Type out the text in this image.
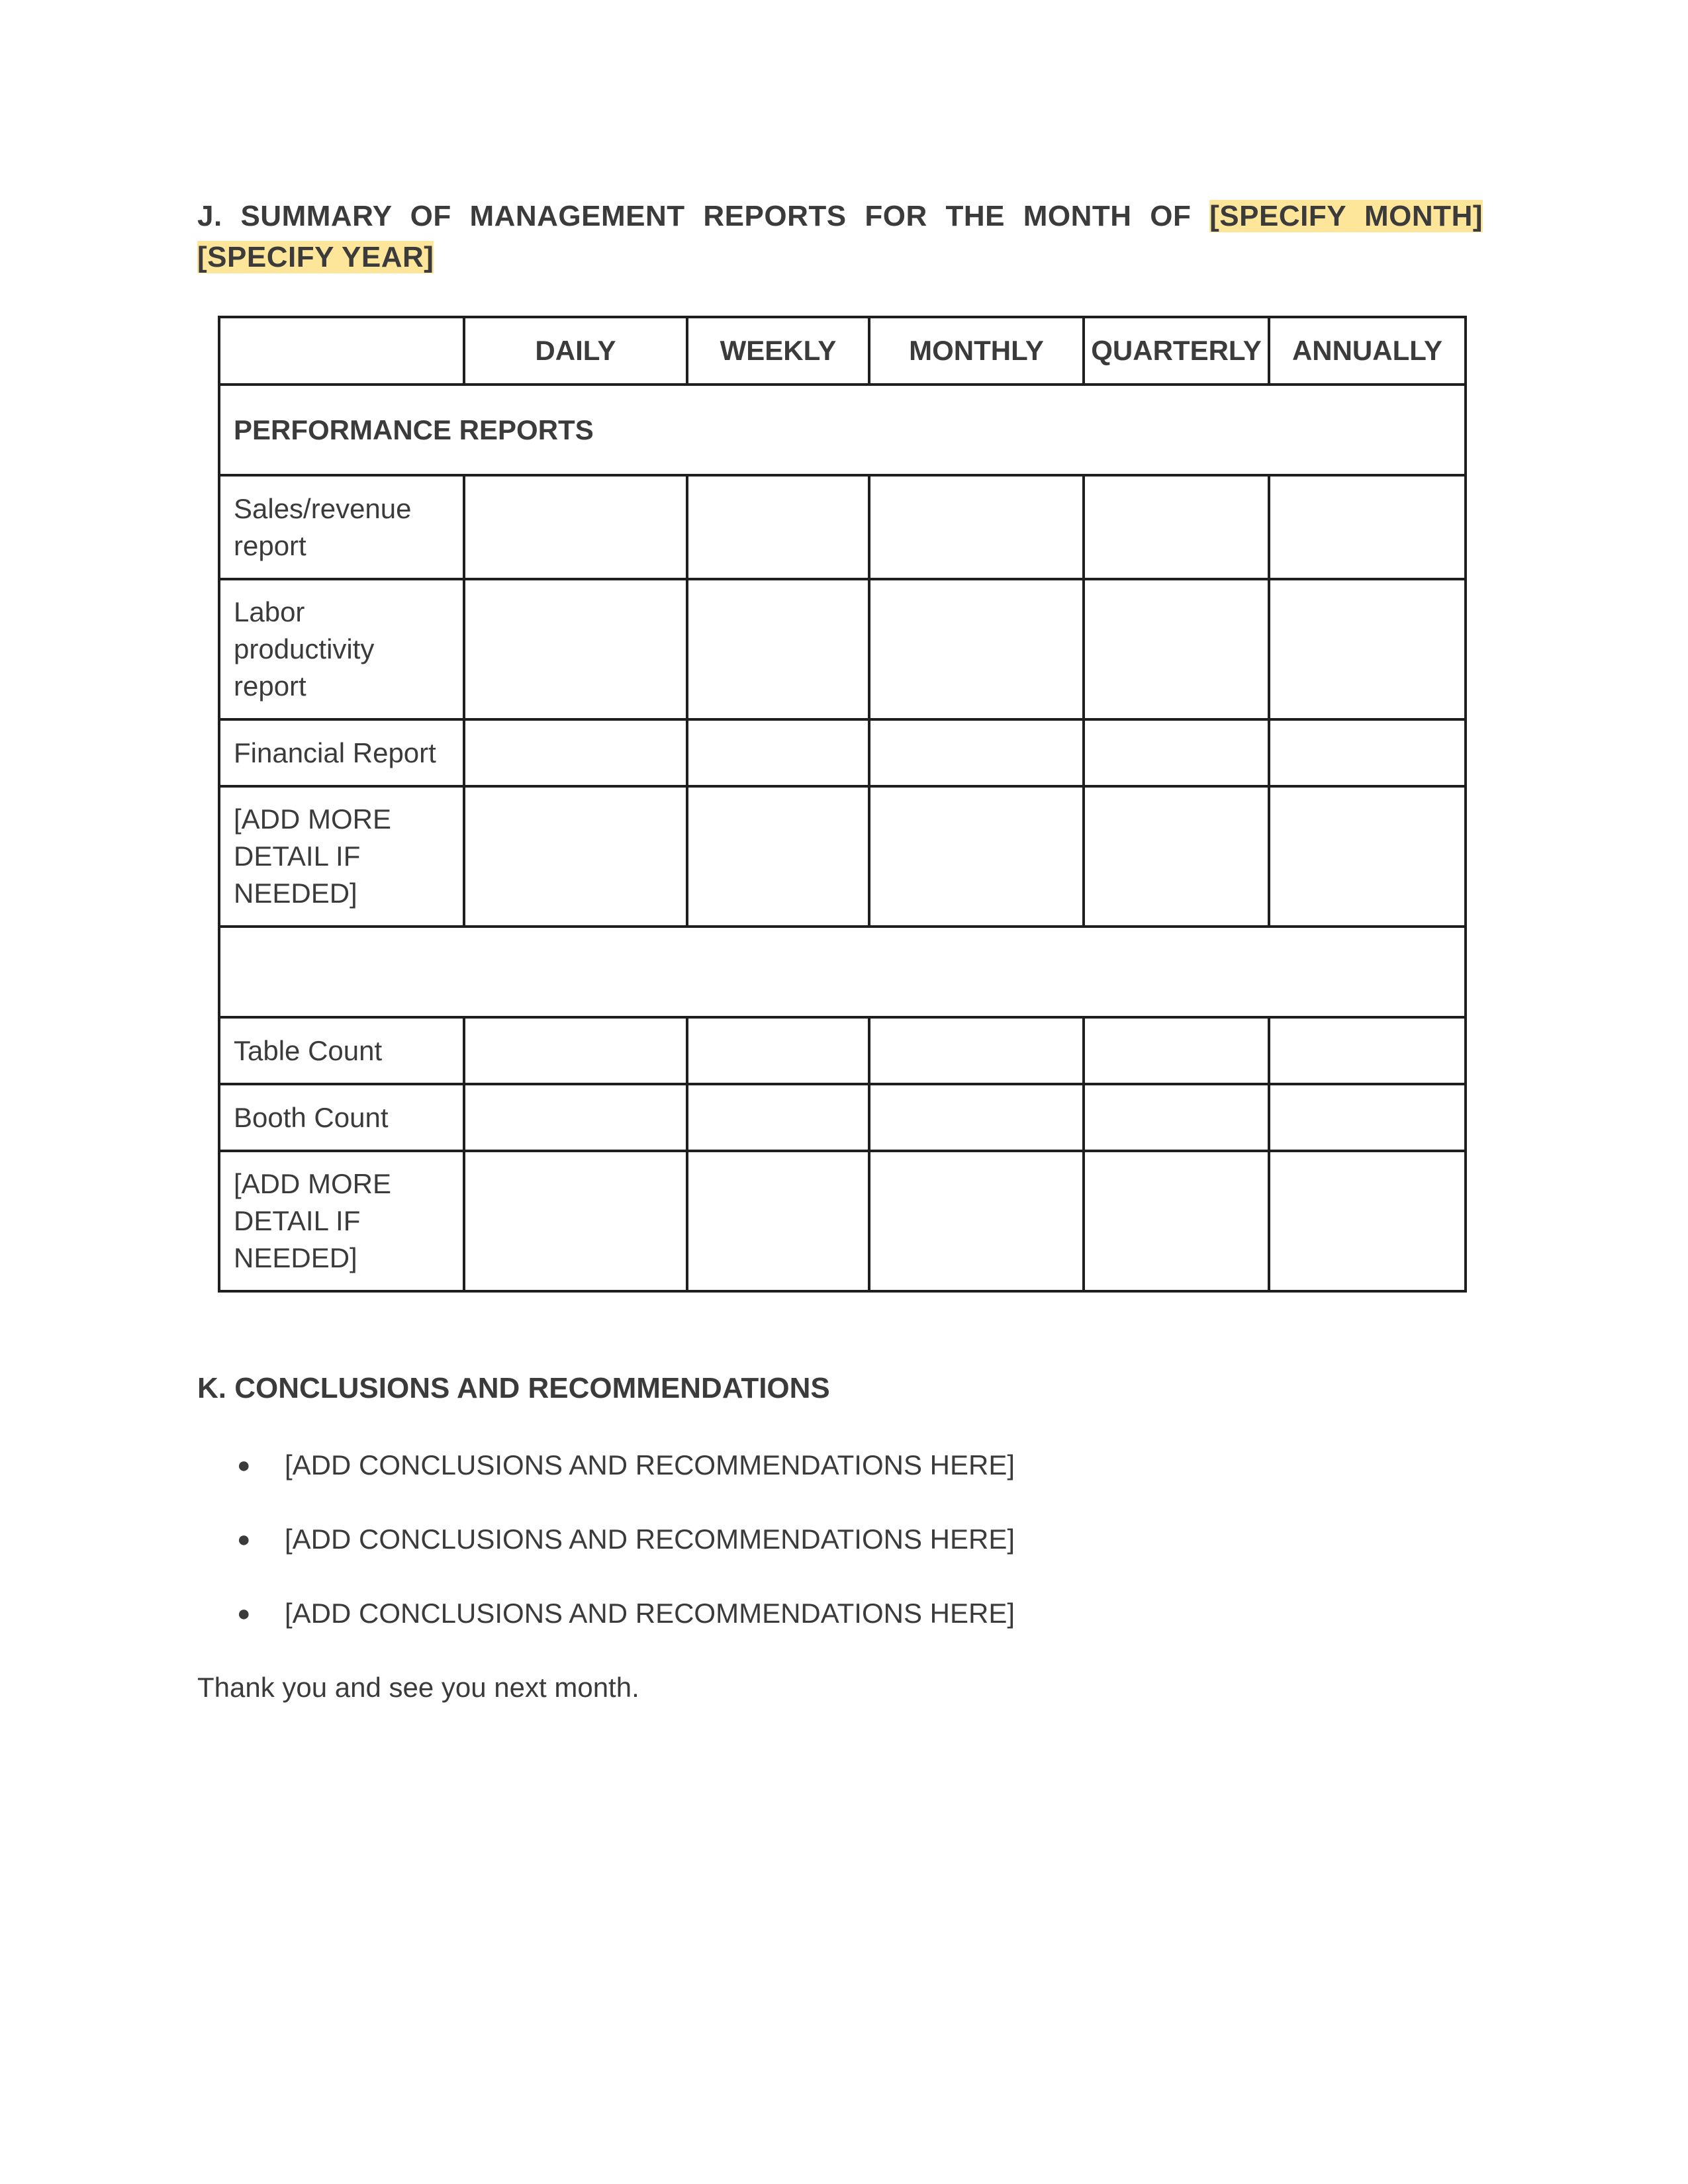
J. SUMMARY OF MANAGEMENT REPORTS FOR THE MONTH OF [SPECIFY MONTH] [SPECIFY YEAR]

	DAILY	WEEKLY	MONTHLY	QUARTERLY	ANNUALLY
PERFORMANCE REPORTS					
Sales/revenue report					
Labor productivity report					
Financial Report					
[ADD MORE DETAIL IF NEEDED]					

Table Count					
Booth Count					
[ADD MORE DETAIL IF NEEDED]					

K. CONCLUSIONS AND RECOMMENDATIONS

● [ADD CONCLUSIONS AND RECOMMENDATIONS HERE]
● [ADD CONCLUSIONS AND RECOMMENDATIONS HERE]
● [ADD CONCLUSIONS AND RECOMMENDATIONS HERE]

Thank you and see you next month.
